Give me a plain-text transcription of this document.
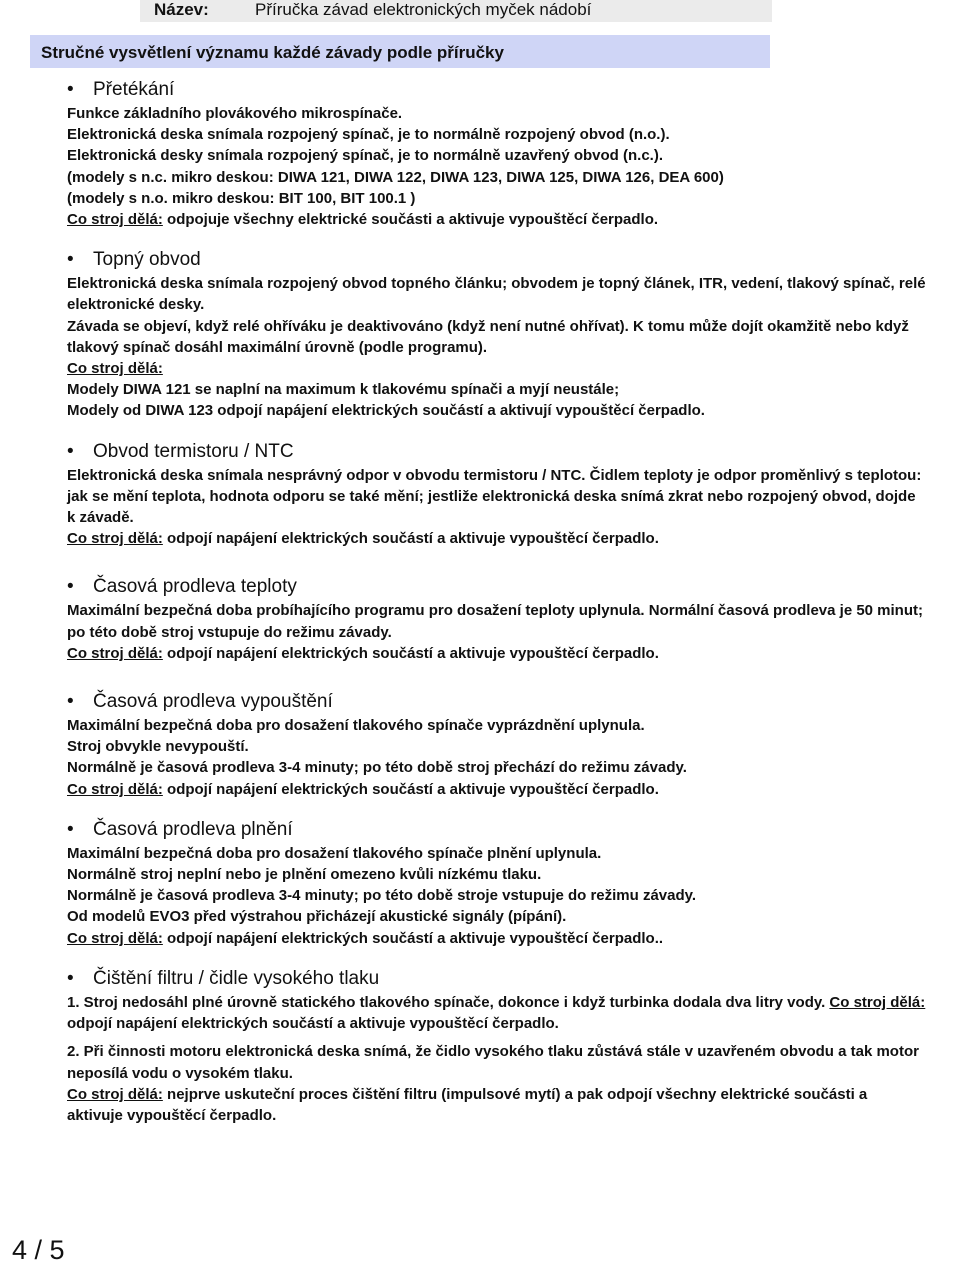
Název:	Příručka závad elektronických myček nádobí
Stručné vysvětlení významu každé závady podle příručky
•	Přetékání

Funkce základního plovákového mikrospínače.

Elektronická deska snímala rozpojený spínač, je to normálně rozpojený obvod (n.o.).

Elektronická desky snímala rozpojený spínač, je to normálně uzavřený obvod (n.c.).

(modely s n.c. mikro deskou: DIWA 121, DIWA 122, DIWA 123, DIWA 125, DIWA 126, DEA 600)

(modely s n.o. mikro deskou: BIT 100, BIT 100.1 )

Co stroj dělá: odpojuje všechny elektrické součásti a aktivuje vypouštěcí čerpadlo.

•	Topný obvod

Elektronická deska snímala rozpojený obvod topného článku; obvodem je topný článek, ITR, vedení, tlakový spínač, relé elektronické desky.

Závada se objeví, když relé ohříváku je deaktivováno (když není nutné ohřívat). K tomu může dojít okamžitě nebo když tlakový spínač dosáhl maximální úrovně (podle programu).

Co stroj dělá:

Modely DIWA 121 se naplní na maximum k tlakovému spínači a myjí neustále;

Modely od DIWA 123 odpojí napájení elektrických součástí a aktivují vypouštěcí čerpadlo.

•	Obvod termistoru / NTC

Elektronická deska snímala nesprávný odpor v obvodu termistoru / NTC. Čidlem teploty je odpor proměnlivý s teplotou: jak se mění teplota, hodnota odporu se také mění; jestliže elektronická deska snímá zkrat nebo rozpojený obvod, dojde k závadě.

Co stroj dělá: odpojí napájení elektrických součástí a aktivuje vypouštěcí čerpadlo.

•	Časová prodleva teploty

Maximální bezpečná doba probíhajícího programu pro dosažení teploty uplynula. Normální časová prodleva je 50 minut; po této době stroj vstupuje do režimu závady.

Co stroj dělá: odpojí napájení elektrických součástí a aktivuje vypouštěcí čerpadlo.

•	Časová prodleva vypouštění

Maximální bezpečná doba pro dosažení tlakového spínače vyprázdnění uplynula.

Stroj obvykle nevypouští.

Normálně je časová prodleva 3-4 minuty; po této době stroj přechází do režimu závady.

Co stroj dělá: odpojí napájení elektrických součástí a aktivuje vypouštěcí čerpadlo.

•	Časová prodleva plnění

Maximální bezpečná doba pro dosažení tlakového spínače plnění uplynula.

Normálně stroj neplní nebo je plnění omezeno kvůli nízkému tlaku.

Normálně je časová prodleva 3-4 minuty; po této době stroje vstupuje do režimu závady.

Od modelů EVO3 před výstrahou přicházejí akustické signály (pípání).

Co stroj dělá: odpojí napájení elektrických součástí a aktivuje vypouštěcí čerpadlo..

•	Čištění filtru / čidle vysokého tlaku

1. Stroj nedosáhl plné úrovně statického tlakového spínače, dokonce i když turbinka dodala dva litry vody. Co stroj dělá: odpojí napájení elektrických součástí a aktivuje vypouštěcí čerpadlo.

2. Při činnosti motoru elektronická deska snímá, že čidlo vysokého tlaku zůstává stále v uzavřeném obvodu a tak motor neposílá vodu o vysokém tlaku.

Co stroj dělá: nejprve uskuteční proces čištění filtru (impulsové mytí) a pak odpojí všechny elektrické součásti a aktivuje vypouštěcí čerpadlo.

4 / 5
